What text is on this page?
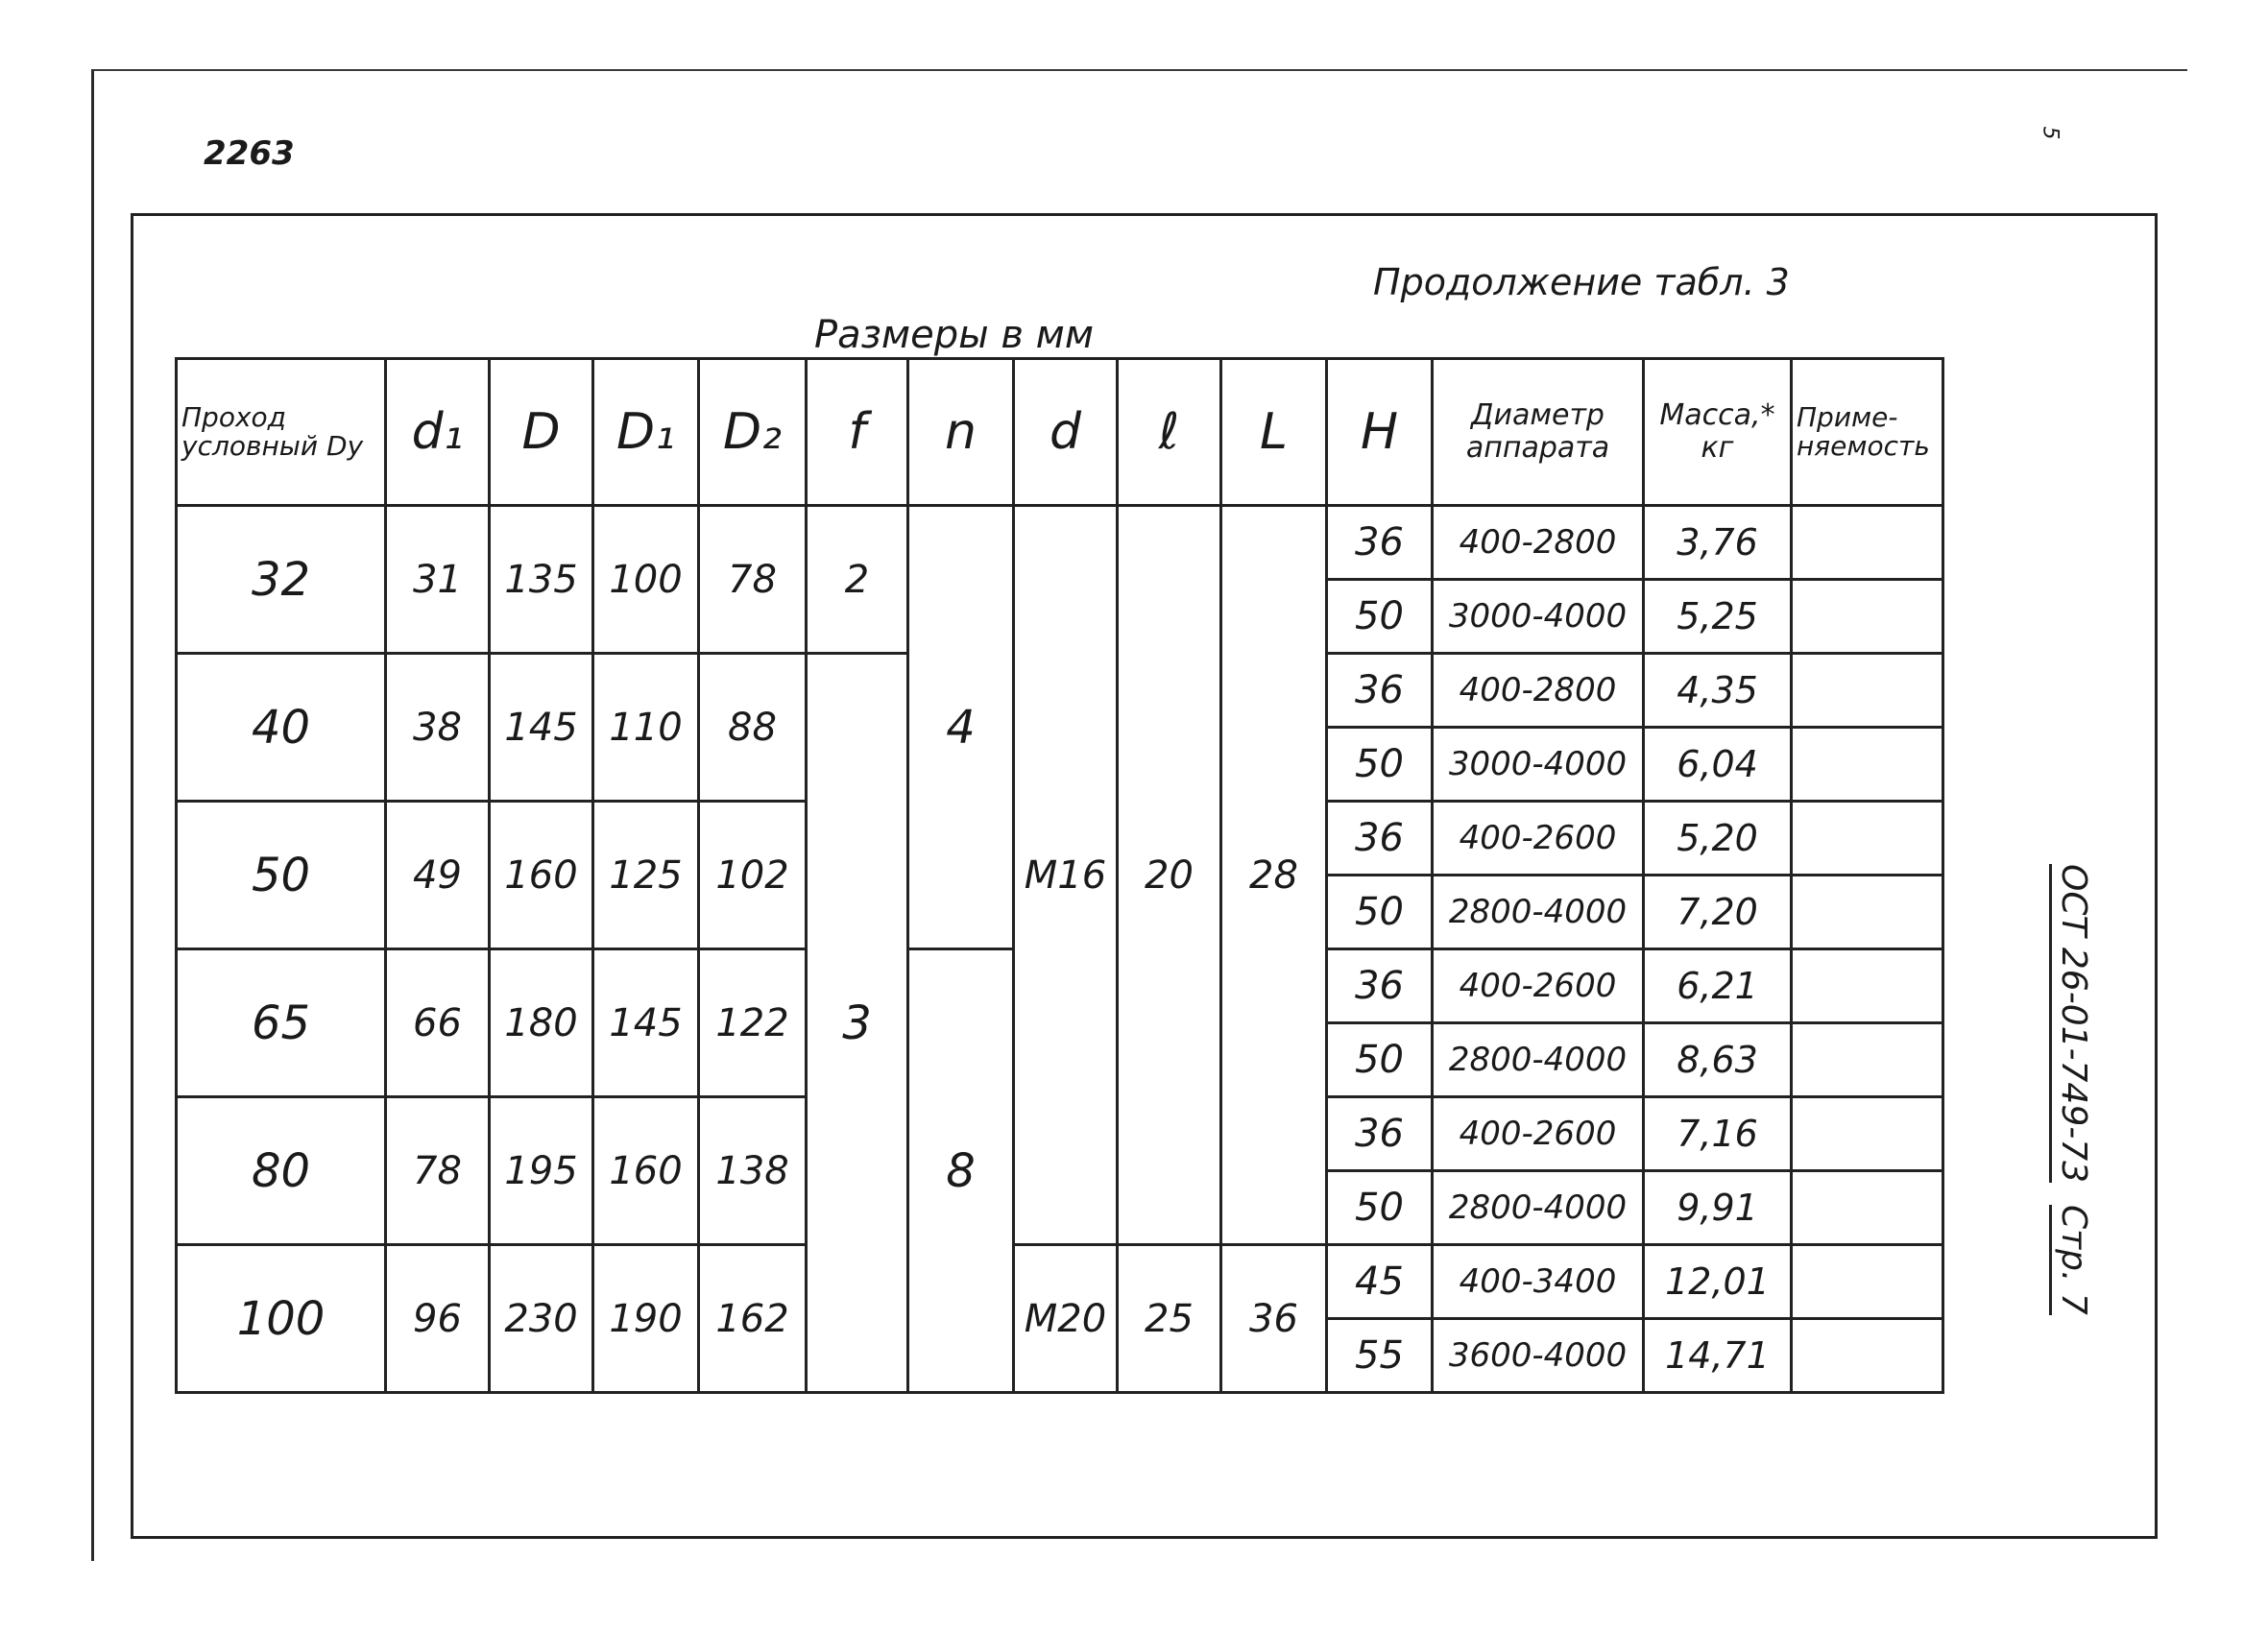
2263
5
Продолжение табл. 3
Размеры в мм
ОСТ 26-01-749-73
Стр. 7
Проход условный Dy	d₁	D	D₁	D₂	f	n	d	ℓ	L	H	Диаметр аппарата	Масса,* кг	Приме- няемость
32	31	135	100	78	2	4	M16	20	28	36	400-2800	3,76	
										50	3000-4000	5,25	
40	38	145	110	88	3					36	400-2800	4,35	
										50	3000-4000	6,04	
50	49	160	125	102						36	400-2600	5,20	
										50	2800-4000	7,20	
65	66	180	145	122		8				36	400-2600	6,21	
										50	2800-4000	8,63	
80	78	195	160	138						36	400-2600	7,16	
										50	2800-4000	9,91	
100	96	230	190	162			M20	25	36	45	400-3400	12,01	
										55	3600-4000	14,71	
